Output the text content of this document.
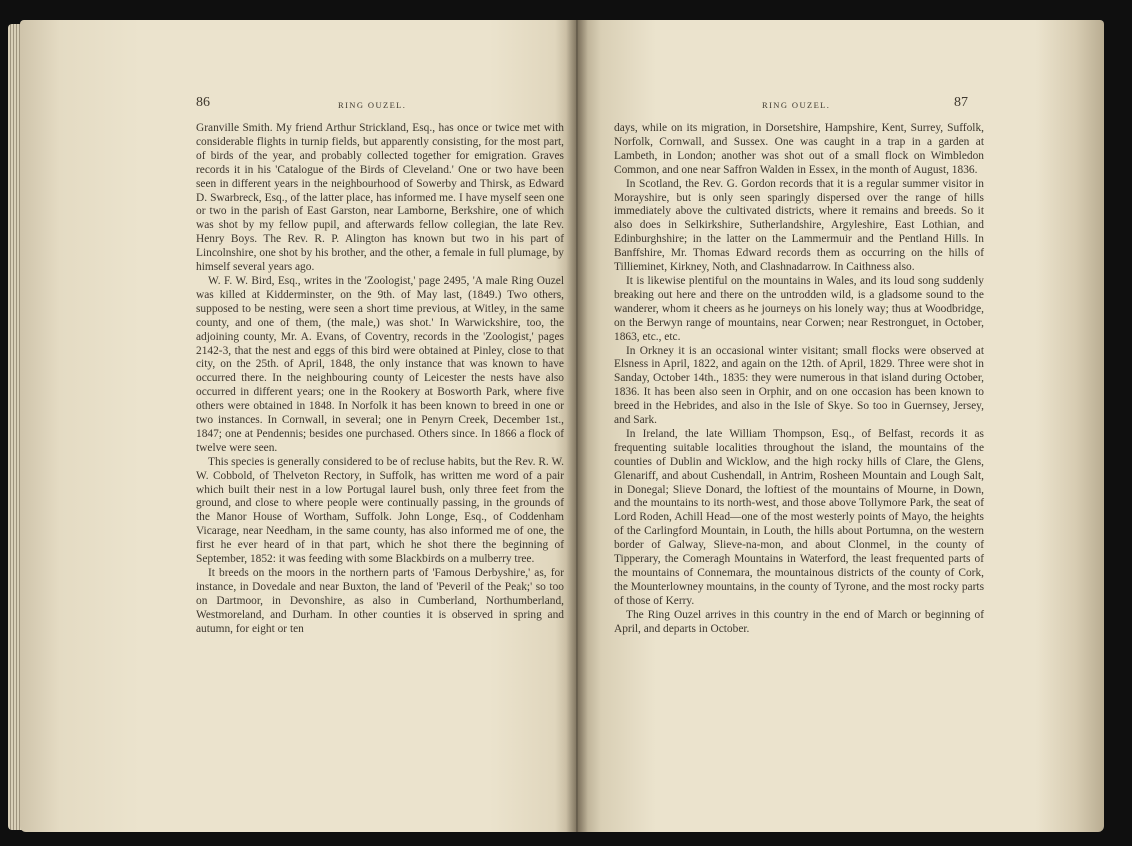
86	RING OUZEL.

Granville Smith. My friend Arthur Strickland, Esq., has once or twice met with considerable flights in turnip fields, but apparently consisting, for the most part, of birds of the year, and probably collected together for emigration. Graves records it in his 'Catalogue of the Birds of Cleveland.' One or two have been seen in different years in the neighbourhood of Sowerby and Thirsk, as Edward D. Swarbreck, Esq., of the latter place, has informed me. I have myself seen one or two in the parish of East Garston, near Lamborne, Berkshire, one of which was shot by my fellow pupil, and afterwards fellow collegian, the late Rev. Henry Boys. The Rev. R. P. Alington has known but two in his part of Lincolnshire, one shot by his brother, and the other, a female in full plumage, by himself several years ago.

W. F. W. Bird, Esq., writes in the 'Zoologist,' page 2495, 'A male Ring Ouzel was killed at Kidderminster, on the 9th. of May last, (1849.) Two others, supposed to be nesting, were seen a short time previous, at Witley, in the same county, and one of them, (the male,) was shot.' In Warwickshire, too, the adjoining county, Mr. A. Evans, of Coventry, records in the 'Zoologist,' pages 2142-3, that the nest and eggs of this bird were obtained at Pinley, close to that city, on the 25th. of April, 1848, the only instance that was known to have occurred there. In the neighbouring county of Leicester the nests have also occurred in different years; one in the Rookery at Bosworth Park, where five others were obtained in 1848. In Norfolk it has been known to breed in one or two instances. In Cornwall, in several; one in Penyrn Creek, December 1st., 1847; one at Pendennis; besides one purchased. Others since. In 1866 a flock of twelve were seen.

This species is generally considered to be of recluse habits, but the Rev. R. W. W. Cobbold, of Thelveton Rectory, in Suffolk, has written me word of a pair which built their nest in a low Portugal laurel bush, only three feet from the ground, and close to where people were continually passing, in the grounds of the Manor House of Wortham, Suffolk. John Longe, Esq., of Coddenham Vicarage, near Needham, in the same county, has also informed me of one, the first he ever heard of in that part, which he shot there the beginning of September, 1852: it was feeding with some Blackbirds on a mulberry tree.

It breeds on the moors in the northern parts of 'Famous Derbyshire,' as, for instance, in Dovedale and near Buxton, the land of 'Peveril of the Peak;' so too on Dartmoor, in Devonshire, as also in Cumberland, Northumberland, Westmoreland, and Durham. In other counties it is observed in spring and autumn, for eight or ten

RING OUZEL.	87

days, while on its migration, in Dorsetshire, Hampshire, Kent, Surrey, Suffolk, Norfolk, Cornwall, and Sussex. One was caught in a trap in a garden at Lambeth, in London; another was shot out of a small flock on Wimbledon Common, and one near Saffron Walden in Essex, in the month of August, 1836.

In Scotland, the Rev. G. Gordon records that it is a regular summer visitor in Morayshire, but is only seen sparingly dispersed over the range of hills immediately above the cultivated districts, where it remains and breeds. So it also does in Selkirkshire, Sutherlandshire, Argyleshire, East Lothian, and Edinburghshire; in the latter on the Lammermuir and the Pentland Hills. In Banffshire, Mr. Thomas Edward records them as occurring on the hills of Tillieminet, Kirkney, Noth, and Clashnadarrow. In Caithness also.

It is likewise plentiful on the mountains in Wales, and its loud song suddenly breaking out here and there on the untrodden wild, is a gladsome sound to the wanderer, whom it cheers as he journeys on his lonely way; thus at Woodbridge, on the Berwyn range of mountains, near Corwen; near Restronguet, in October, 1863, etc., etc.

In Orkney it is an occasional winter visitant; small flocks were observed at Elsness in April, 1822, and again on the 12th. of April, 1829. Three were shot in Sanday, October 14th., 1835: they were numerous in that island during October, 1836. It has been also seen in Orphir, and on one occasion has been known to breed in the Hebrides, and also in the Isle of Skye. So too in Guernsey, Jersey, and Sark.

In Ireland, the late William Thompson, Esq., of Belfast, records it as frequenting suitable localities throughout the island, the mountains of the counties of Dublin and Wicklow, and the high rocky hills of Clare, the Glens, Glenariff, and about Cushendall, in Antrim, Rosheen Mountain and Lough Salt, in Donegal; Slieve Donard, the loftiest of the mountains of Mourne, in Down, and the mountains to its north-west, and those above Tollymore Park, the seat of Lord Roden, Achill Head—one of the most westerly points of Mayo, the heights of the Carlingford Mountain, in Louth, the hills about Portumna, on the western border of Galway, Slieve-na-mon, and about Clonmel, in the county of Tipperary, the Comeragh Mountains in Waterford, the least frequented parts of the mountains of Connemara, the mountainous districts of the county of Cork, the Mounterlowney mountains, in the county of Tyrone, and the most rocky parts of those of Kerry.

The Ring Ouzel arrives in this country in the end of March or beginning of April, and departs in October.
